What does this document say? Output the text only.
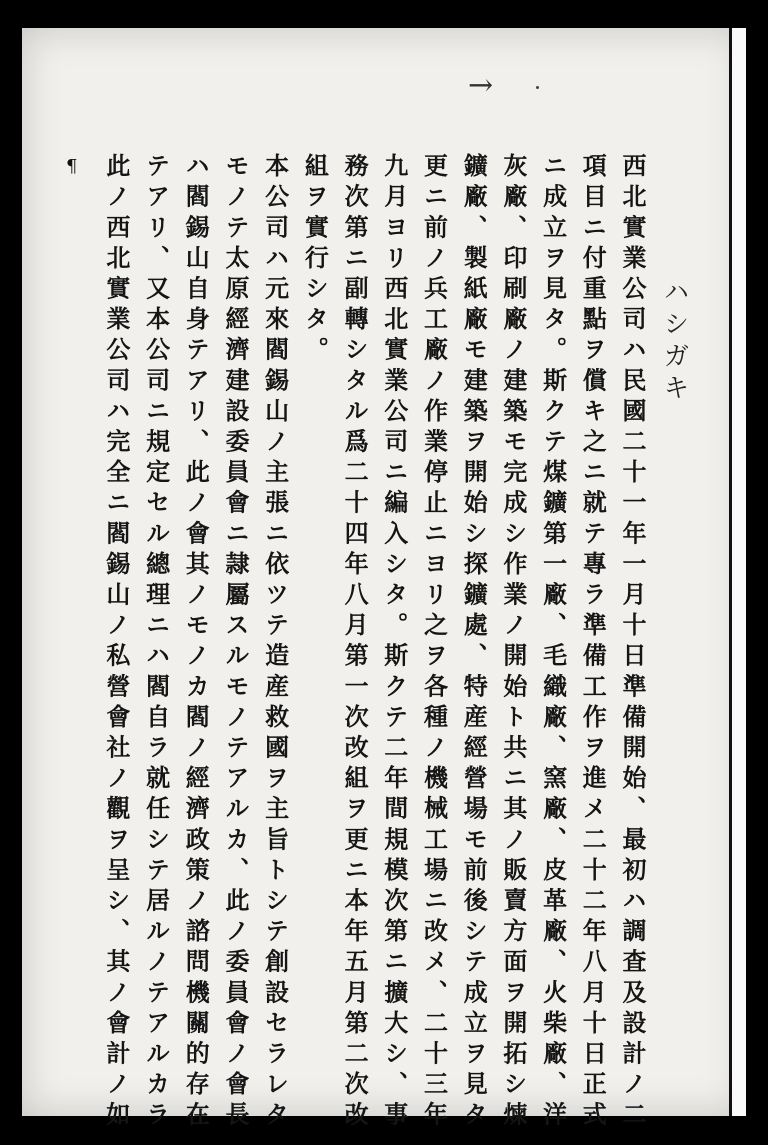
→
ハシガキ
¶	西北實業公司ハ民國二十一年一月十日準備開始、最初ハ調査及設計ノ二
項目ニ付重點ヲ償キ之ニ就テ專ラ準備工作ヲ進メ二十二年八月十日正式
ニ成立ヲ見タ。斯クテ煤鑛第一廠、毛織廠、窯廠、皮革廠、火柴廠、洋
灰廠、印刷廠ノ建築モ完成シ作業ノ開始ト共ニ其ノ販賣方面ヲ開拓シ煉
鑛廠、製紙廠モ建築ヲ開始シ探鑛處、特産經營場モ前後シテ成立ヲ見タ
更ニ前ノ兵工廠ノ作業停止ニヨリ之ヲ各種ノ機械工場ニ改メ、二十三年
九月ヨリ西北實業公司ニ編入シタ。斯クテ二年間規模次第ニ擴大シ、事
務次第ニ副轉シタル爲二十四年八月第一次改組ヲ更ニ本年五月第二次改
組ヲ實行シタ。
本公司ハ元來閻錫山ノ主張ニ依ツテ造産救國ヲ主旨トシテ創設セラレタ
モノテ太原經濟建設委員會ニ隷屬スルモノテアルカ、此ノ委員會ノ會長
ハ閻錫山自身テアリ、此ノ會其ノモノカ閻ノ經濟政策ノ諮問機關的存在
テアリ、又本公司ニ規定セル總理ニハ閻自ラ就任シテ居ルノテアルカラ
此ノ西北實業公司ハ完全ニ閻錫山ノ私營會社ノ觀ヲ呈シ、其ノ會計ノ如
